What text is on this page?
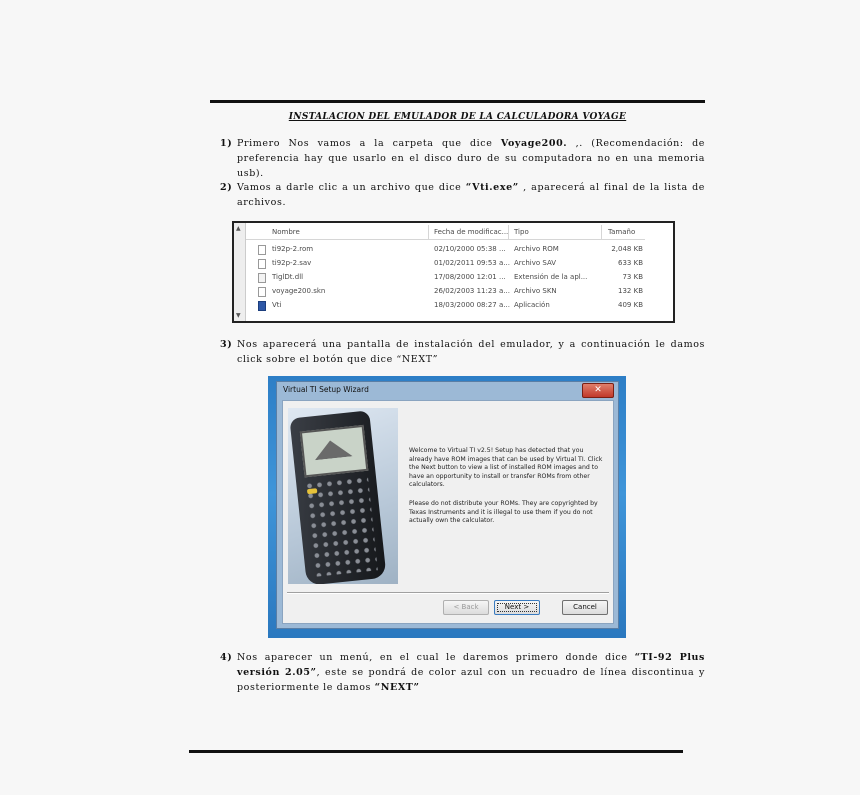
INSTALACION DEL EMULADOR DE LA CALCULADORA VOYAGE
1) Primero Nos vamos a la carpeta que dice Voyage200. ,. (Recomendación: de preferencia hay que usarlo en el disco duro de su computadora no en una memoria usb).
2) Vamos a darle clic a un archivo que dice “Vti.exe” , aparecerá al final de la lista de archivos.
▲
▼
Nombre	Fecha de modificac... Tipo	Tamaño
ti92p-2.rom	02/10/2000 05:38 ... Archivo ROM	2,048 KB
ti92p-2.sav	01/02/2011 09:53 a... Archivo SAV	633 KB
TiglDt.dll	17/08/2000 12:01 ... Extensión de la apl...	73 KB
voyage200.skn	26/02/2003 11:23 a... Archivo SKN	132 KB
Vti	18/03/2000 08:27 a... Aplicación	409 KB
3) Nos aparecerá una pantalla de instalación del emulador, y a continuación le damos click sobre el botón que dice “NEXT”
Virtual TI Setup Wizard	✕

Welcome to Virtual TI v2.5! Setup has detected that you already have ROM images that can be used by Virtual TI. Click the Next button to view a list of installed ROM images and to have an opportunity to install or transfer ROMs from other calculators.

Please do not distribute your ROMs. They are copyrighted by Texas Instruments and it is illegal to use them if you do not actually own the calculator.

< Back	Next >	Cancel
4) Nos aparecer un menú, en el cual le daremos primero donde dice “TI-92 Plus versión 2.05”, este se pondrá de color azul con un recuadro de línea discontinua y posteriormente le damos “NEXT”
